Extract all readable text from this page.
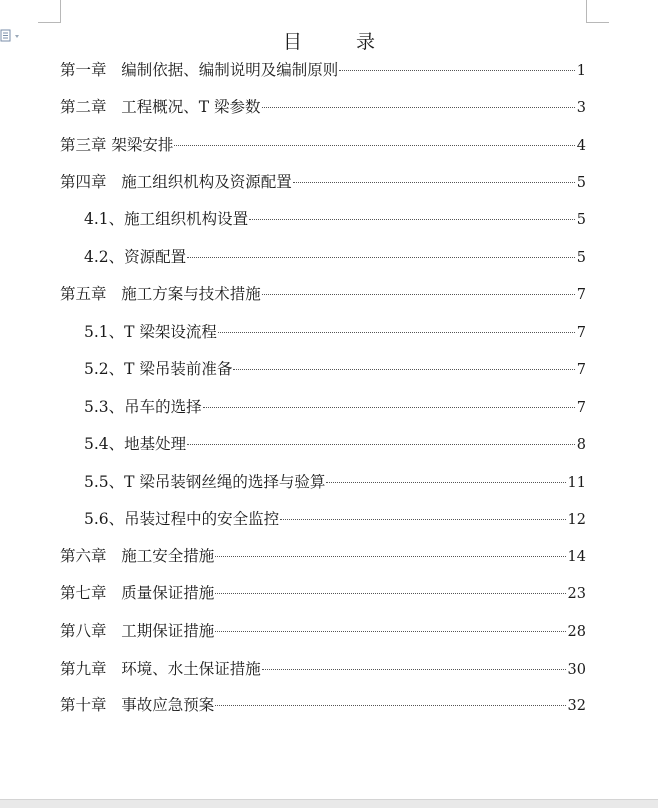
目 录
第一章   编制依据、编制说明及编制原则	1
第二章   工程概况、T 梁参数	3
第三章 架梁安排	4
第四章   施工组织机构及资源配置	5
4.1、施工组织机构设置	5
4.2、资源配置	5
第五章   施工方案与技术措施	7
5.1、T 梁架设流程	7
5.2、T 梁吊装前准备	7
5.3、吊车的选择	7
5.4、地基处理	8
5.5、T 梁吊装钢丝绳的选择与验算	11
5.6、吊装过程中的安全监控	12
第六章   施工安全措施	14
第七章   质量保证措施	23
第八章   工期保证措施	28
第九章   环境、水土保证措施	30
第十章   事故应急预案	32
